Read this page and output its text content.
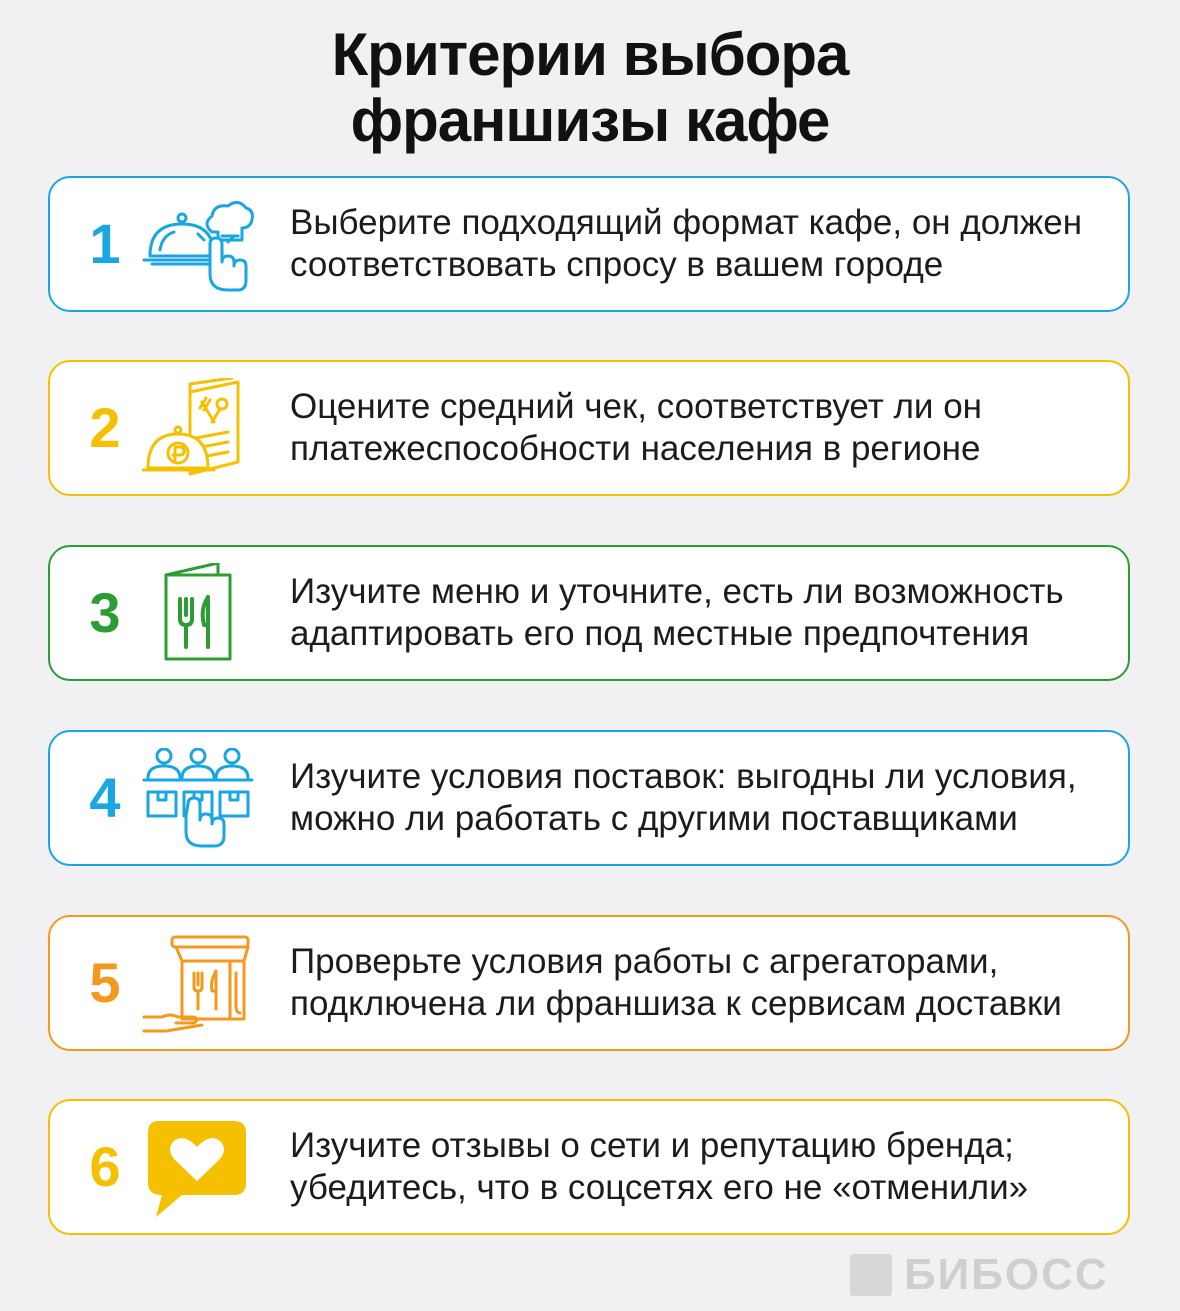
Критерии выбора
франшизы кафе
1	Выберите подходящий формат кафе, он должен
соответствовать спросу в вашем городе
2	Оцените средний чек, соответствует ли он
платежеспособности населения в регионе
3	Изучите меню и уточните, есть ли возможность
адаптировать его под местные предпочтения
4	Изучите условия поставок: выгодны ли условия,
можно ли работать с другими поставщиками
5	Проверьте условия работы с агрегаторами,
подключена ли франшиза к сервисам доставки
6	Изучите отзывы о сети и репутацию бренда;
убедитесь, что в соцсетях его не «отменили»
БИБОСС
